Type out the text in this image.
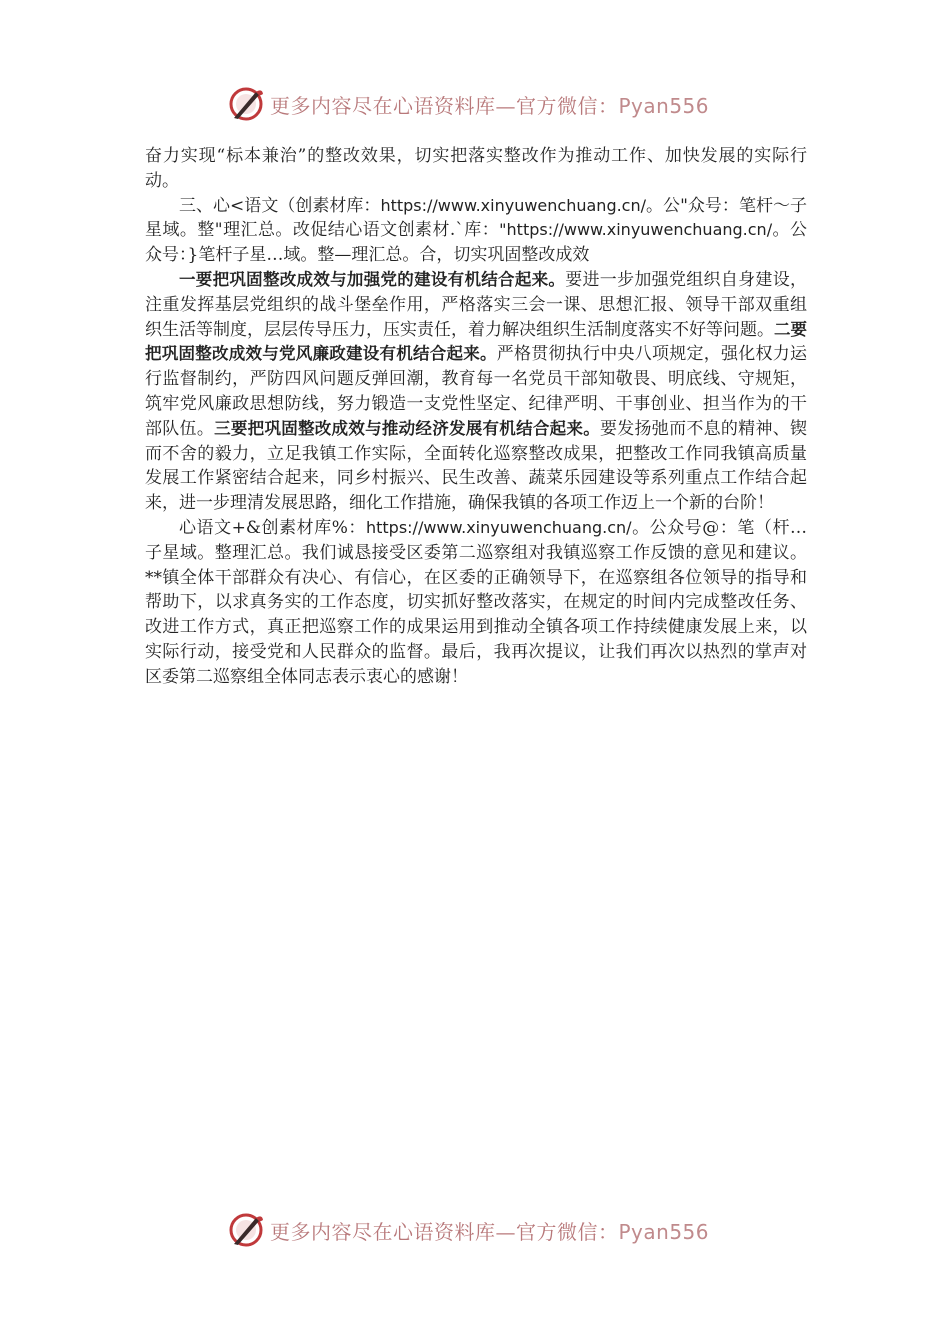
更多内容尽在心语资料库—官方微信：Pyan556

奋力实现“标本兼治”的整改效果，切实把落实整改作为推动工作、加快发展的实际行动。

三、心<语文（创素材库：https://www.xinyuwenchuang.cn/。公"众号：笔杆～子星域。整"理汇总。改促结心语文创素材.`库："https://www.xinyuwenchuang.cn/。公众号：}笔杆子星…域。整—理汇总。合，切实巩固整改成效

一要把巩固整改成效与加强党的建设有机结合起来。要进一步加强党组织自身建设，注重发挥基层党组织的战斗堡垒作用，严格落实三会一课、思想汇报、领导干部双重组织生活等制度，层层传导压力，压实责任，着力解决组织生活制度落实不好等问题。二要把巩固整改成效与党风廉政建设有机结合起来。严格贯彻执行中央八项规定，强化权力运行监督制约，严防四风问题反弹回潮，教育每一名党员干部知敬畏、明底线、守规矩，筑牢党风廉政思想防线，努力锻造一支党性坚定、纪律严明、干事创业、担当作为的干部队伍。三要把巩固整改成效与推动经济发展有机结合起来。要发扬弛而不息的精神、锲而不舍的毅力，立足我镇工作实际，全面转化巡察整改成果，把整改工作同我镇高质量发展工作紧密结合起来，同乡村振兴、民生改善、蔬菜乐园建设等系列重点工作结合起来，进一步理清发展思路，细化工作措施，确保我镇的各项工作迈上一个新的台阶！

心语文+&创素材库%：https://www.xinyuwenchuang.cn/。公众号@：笔（杆…子星域。整理汇总。我们诚恳接受区委第二巡察组对我镇巡察工作反馈的意见和建议。**镇全体干部群众有决心、有信心，在区委的正确领导下，在巡察组各位领导的指导和帮助下，以求真务实的工作态度，切实抓好整改落实，在规定的时间内完成整改任务、改进工作方式，真正把巡察工作的成果运用到推动全镇各项工作持续健康发展上来，以实际行动，接受党和人民群众的监督。最后，我再次提议，让我们再次以热烈的掌声对区委第二巡察组全体同志表示衷心的感谢！

更多内容尽在心语资料库—官方微信：Pyan556
